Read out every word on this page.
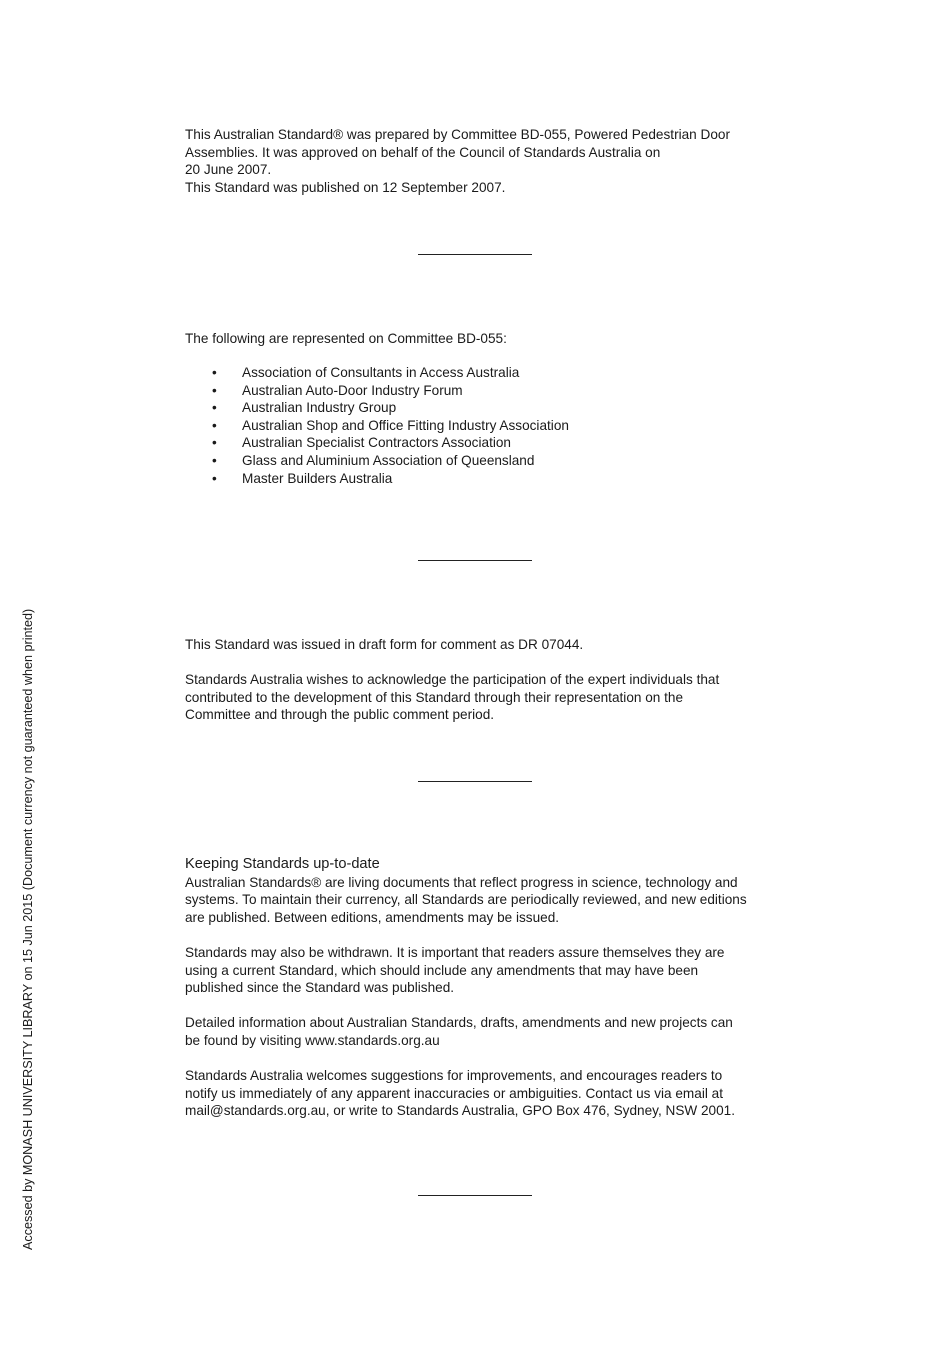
This Australian Standard® was prepared by Committee BD-055, Powered Pedestrian Door

Assemblies. It was approved on behalf of the Council of Standards Australia on

20 June 2007.

This Standard was published on 12 September 2007.

The following are represented on Committee BD-055:

• Association of Consultants in Access Australia
• Australian Auto-Door Industry Forum
• Australian Industry Group
• Australian Shop and Office Fitting Industry Association
• Australian Specialist Contractors Association
• Glass and Aluminium Association of Queensland
• Master Builders Australia

This Standard was issued in draft form for comment as DR 07044.

Standards Australia wishes to acknowledge the participation of the expert individuals that

contributed to the development of this Standard through their representation on the

Committee and through the public comment period.

Keeping Standards up-to-date

Australian Standards® are living documents that reflect progress in science, technology and

systems. To maintain their currency, all Standards are periodically reviewed, and new editions

are published. Between editions, amendments may be issued.

Standards may also be withdrawn. It is important that readers assure themselves they are

using a current Standard, which should include any amendments that may have been

published since the Standard was published.

Detailed information about Australian Standards, drafts, amendments and new projects can

be found by visiting www.standards.org.au

Standards Australia welcomes suggestions for improvements, and encourages readers to

notify us immediately of any apparent inaccuracies or ambiguities. Contact us via email at

mail@standards.org.au, or write to Standards Australia, GPO Box 476, Sydney, NSW 2001.

Accessed by MONASH UNIVERSITY LIBRARY on 15 Jun 2015 (Document currency not guaranteed when printed)
